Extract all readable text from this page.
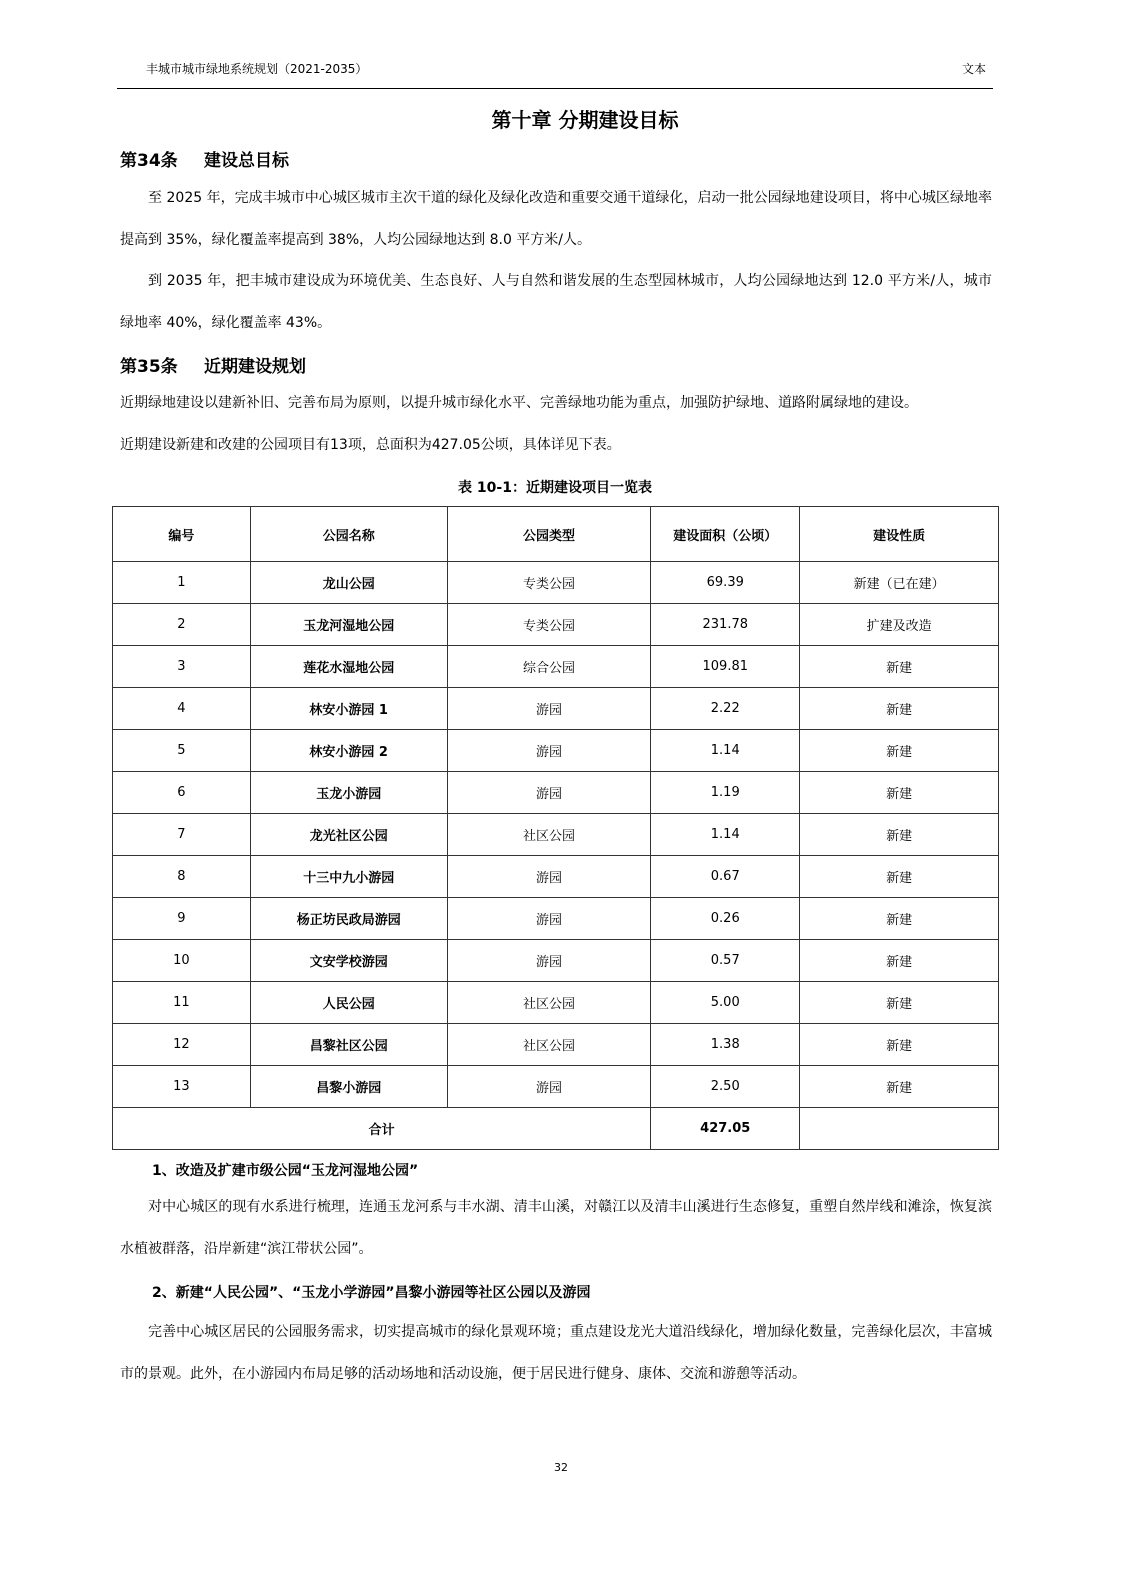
丰城市城市绿地系统规划（2021-2035）	文本
第十章 分期建设目标
第34条 建设总目标

至 2025 年，完成丰城市中心城区城市主次干道的绿化及绿化改造和重要交通干道绿化，启动一批公园绿地建设项目，将中心城区绿地率提高到 35%，绿化覆盖率提高到 38%，人均公园绿地达到 8.0 平方米/人。

到 2035 年，把丰城市建设成为环境优美、生态良好、人与自然和谐发展的生态型园林城市，人均公园绿地达到 12.0 平方米/人，城市绿地率 40%，绿化覆盖率 43%。

第35条 近期建设规划

近期绿地建设以建新补旧、完善布局为原则，以提升城市绿化水平、完善绿地功能为重点，加强防护绿地、道路附属绿地的建设。

近期建设新建和改建的公园项目有13项，总面积为427.05公顷，具体详见下表。

表 10-1：近期建设项目一览表
编号	公园名称	公园类型	建设面积（公顷）	建设性质
1	龙山公园	专类公园	69.39	新建（已在建）
2	玉龙河湿地公园	专类公园	231.78	扩建及改造
3	莲花水湿地公园	综合公园	109.81	新建
4	林安小游园 1	游园	2.22	新建
5	林安小游园 2	游园	1.14	新建
6	玉龙小游园	游园	1.19	新建
7	龙光社区公园	社区公园	1.14	新建
8	十三中九小游园	游园	0.67	新建
9	杨正坊民政局游园	游园	0.26	新建
10	文安学校游园	游园	0.57	新建
11	人民公园	社区公园	5.00	新建
12	昌黎社区公园	社区公园	1.38	新建
13	昌黎小游园	游园	2.50	新建
合计			427.05	
1、改造及扩建市级公园“玉龙河湿地公园”

对中心城区的现有水系进行梳理，连通玉龙河系与丰水湖、清丰山溪，对赣江以及清丰山溪进行生态修复，重塑自然岸线和滩涂，恢复滨水植被群落，沿岸新建“滨江带状公园”。

2、新建“人民公园”、“玉龙小学游园”昌黎小游园等社区公园以及游园

完善中心城区居民的公园服务需求，切实提高城市的绿化景观环境；重点建设龙光大道沿线绿化，增加绿化数量，完善绿化层次，丰富城市的景观。此外，在小游园内布局足够的活动场地和活动设施，便于居民进行健身、康体、交流和游憩等活动。

32
